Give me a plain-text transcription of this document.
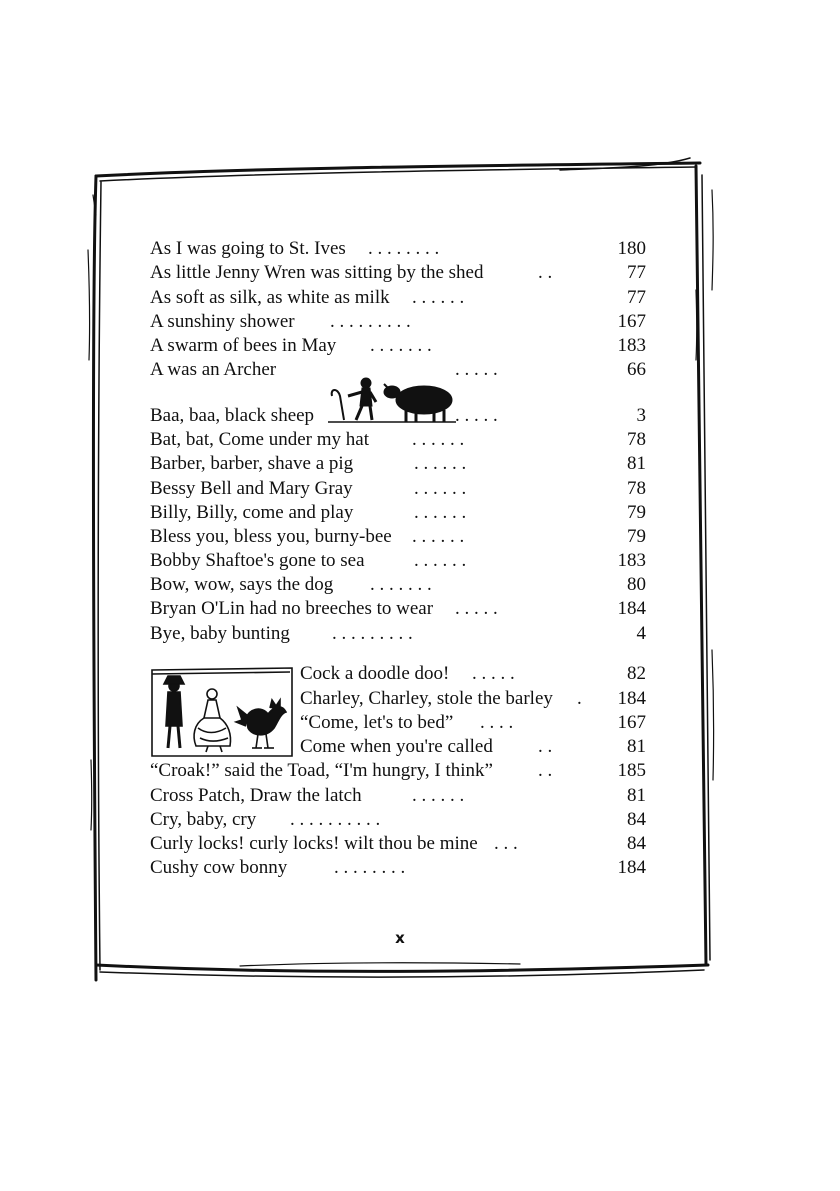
As I was going to St. Ives . . . . . . . .	180
As little Jenny Wren was sitting by the shed	. .	77
As soft as silk, as white as milk . . . . . .	77
A sunshiny shower . . . . . . . . .	167
A swarm of bees in May . . . . . . .	183
A was an Archer	. . . . .	66
Baa, baa, black sheep	. . . . .	3
Bat, bat, Come under my hat . . . . . .	78
Barber, barber, shave a pig	. . . . . .	81
Bessy Bell and Mary Gray	. . . . . .	78
Billy, Billy, come and play	. . . . . .	79
Bless you, bless you, burny-bee . . . . . .	79
Bobby Shaftoe's gone to sea	. . . . . .	183
Bow, wow, says the dog . . . . . . .	80
Bryan O'Lin had no breeches to wear . . . . .	184
Bye, baby bunting . . . . . . . . .	4
Cock a doodle doo! . . . . .	82
Charley, Charley, stole the barley .	184
“Come, let's to bed” . . . .	167
Come when you're called . .	81
“Croak!” said the Toad, “I'm hungry, I think” . .	185
Cross Patch, Draw the latch	. . . . . .	81
Cry, baby, cry . . . . . . . . . .	84
Curly locks! curly locks! wilt thou be mine . . .	84
Cushy cow bonny . . . . . . . .	184
x
